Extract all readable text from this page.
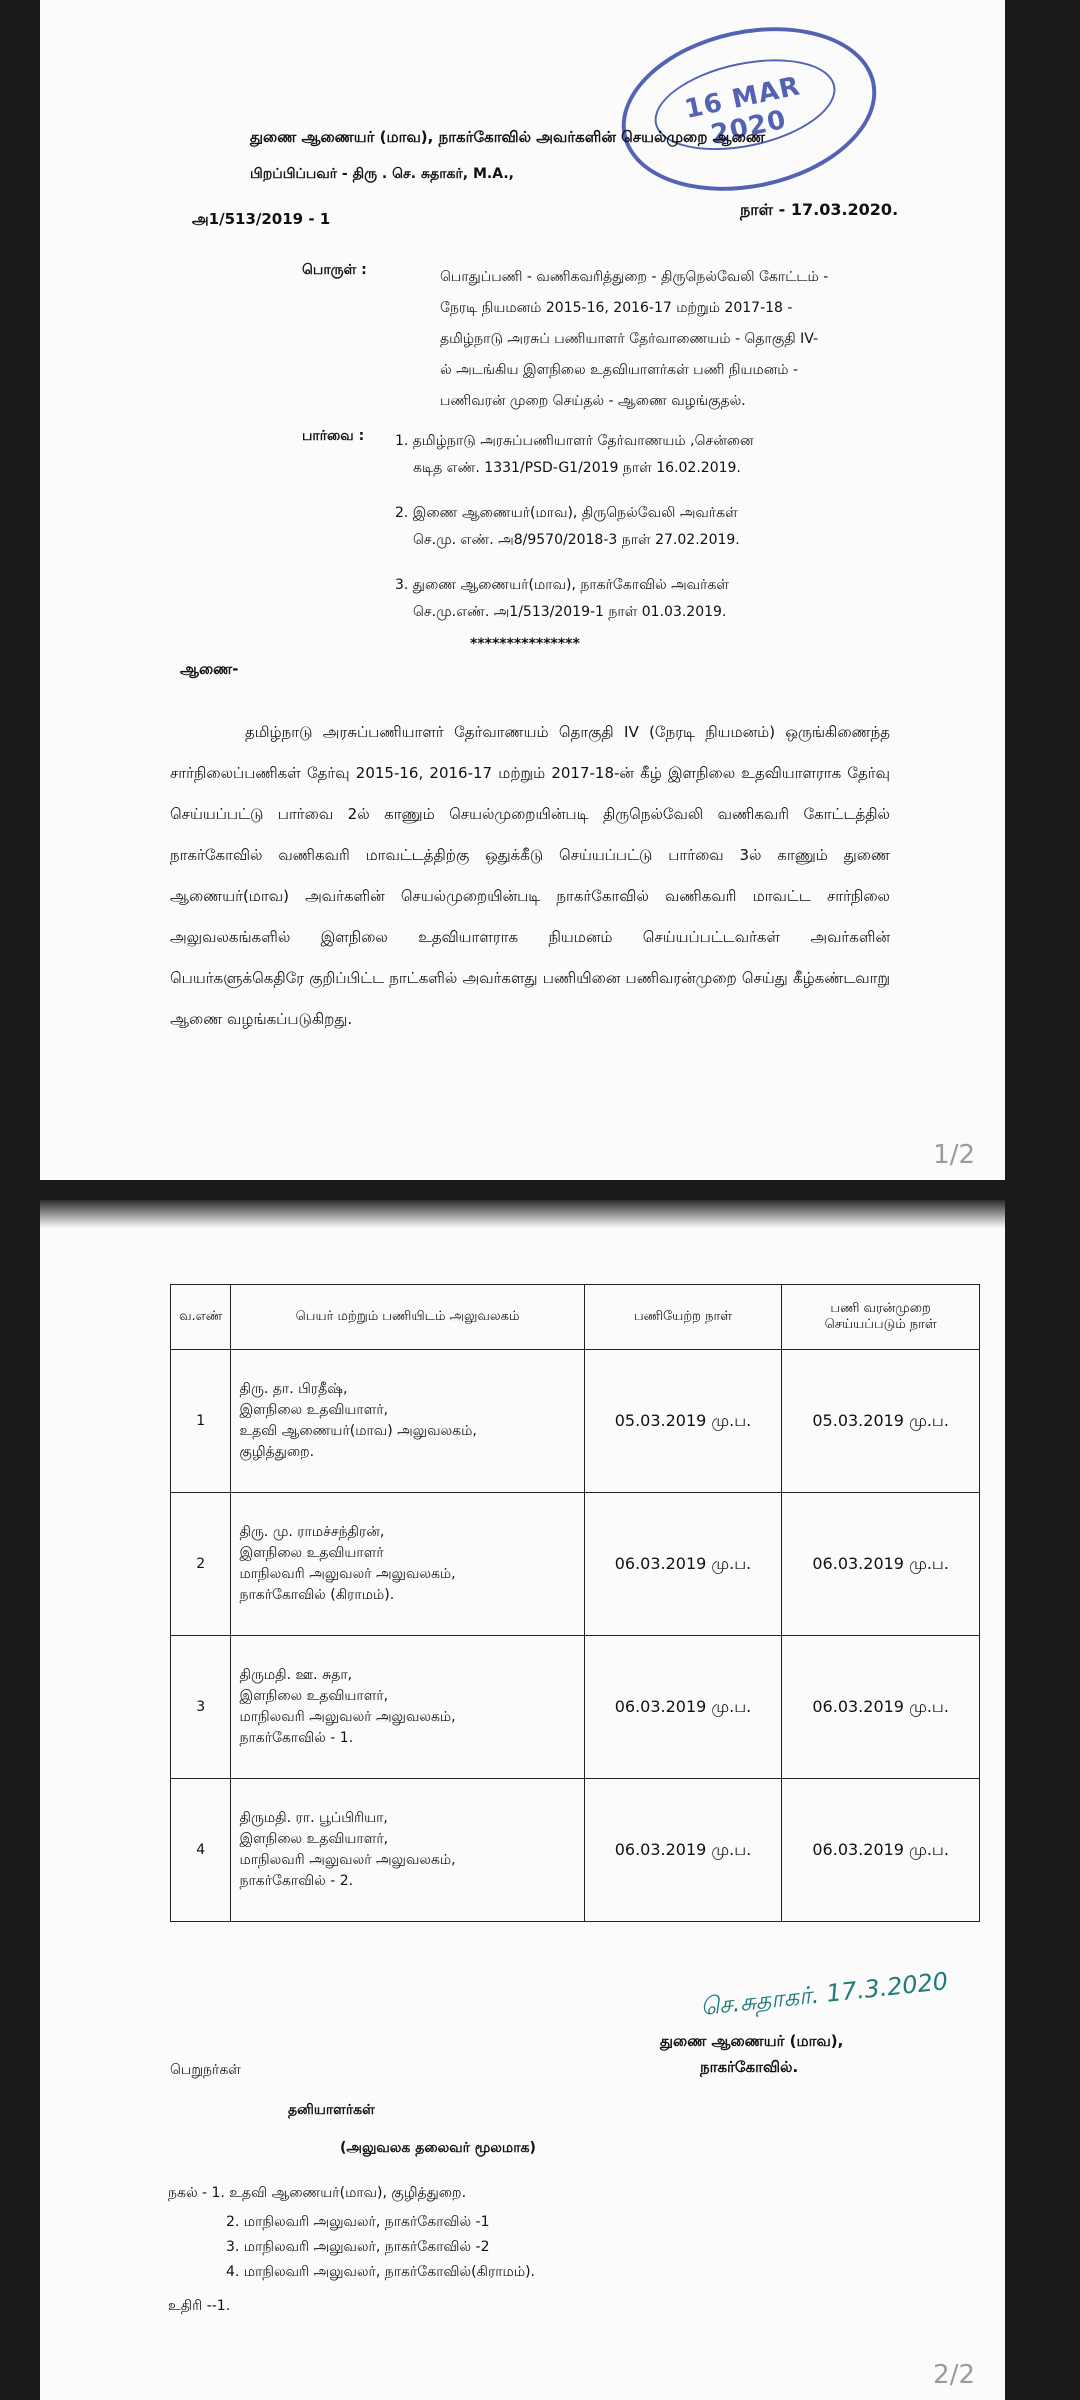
16 MAR 2020
துணை ஆணையர் (மாவ), நாகர்கோவில் அவர்களின் செயல்முறை ஆணை
பிறப்பிப்பவர் - திரு . செ. சுதாகர், M.A.,
அ1/513/2019 - 1	நாள் - 17.03.2020.
பொருள் :	பொதுப்பணி - வணிகவரித்துறை - திருநெல்வேலி கோட்டம் -
நேரடி நியமனம் 2015-16, 2016-17 மற்றும் 2017-18 -
தமிழ்நாடு அரசுப் பணியாளர் தேர்வாணையம் - தொகுதி IV-
ல் அடங்கிய இளநிலை உதவியாளர்கள் பணி நியமனம் -
பணிவரன் முறை செய்தல் - ஆணை வழங்குதல்.
பார்வை : 1. தமிழ்நாடு அரசுப்பணியாளர் தேர்வாணயம் ,சென்னை
கடித எண். 1331/PSD-G1/2019 நாள் 16.02.2019.
2. இணை ஆணையர்(மாவ), திருநெல்வேலி அவர்கள்
செ.மு. எண். அ8/9570/2018-3 நாள் 27.02.2019.
3. துணை ஆணையர்(மாவ), நாகர்கோவில் அவர்கள்
செ.மு.எண். அ1/513/2019-1 நாள் 01.03.2019.
***************
ஆணை-
தமிழ்நாடு அரசுப்பணியாளர் தேர்வாணயம் தொகுதி IV (நேரடி நியமனம்) ஒருங்கிணைந்த சார்நிலைப்பணிகள் தேர்வு 2015-16, 2016-17 மற்றும் 2017-18-ன் கீழ் இளநிலை உதவியாளராக தேர்வு செய்யப்பட்டு பார்வை 2ல் காணும் செயல்முறையின்படி திருநெல்வேலி வணிகவரி கோட்டத்தில் நாகர்கோவில் வணிகவரி மாவட்டத்திற்கு ஒதுக்கீடு செய்யப்பட்டு பார்வை 3ல் காணும் துணை ஆணையர்(மாவ) அவர்களின் செயல்முறையின்படி நாகர்கோவில் வணிகவரி மாவட்ட சார்நிலை அலுவலகங்களில் இளநிலை உதவியாளராக நியமனம் செய்யப்பட்டவர்கள் அவர்களின் பெயர்களுக்கெதிரே குறிப்பிட்ட நாட்களில் அவர்களது பணியினை பணிவரன்முறை செய்து கீழ்கண்டவாறு ஆணை வழங்கப்படுகிறது.
1/2
வ.எண்	பெயர் மற்றும் பணியிடம் அலுவலகம்	பணியேற்ற நாள்	பணி வரன்முறை செய்யப்படும் நாள்
1	திரு. தா. பிரதீஷ்,
இளநிலை உதவியாளர்,
உதவி ஆணையர்(மாவ) அலுவலகம்,
குழித்துறை.	05.03.2019 மு.ப.	05.03.2019 மு.ப.
2	திரு. மு. ராமச்சந்திரன்,
இளநிலை உதவியாளர்
மாநிலவரி அலுவலர் அலுவலகம்,
நாகர்கோவில் (கிராமம்).	06.03.2019 மு.ப.	06.03.2019 மு.ப.
3	திருமதி. ஊ. சுதா,
இளநிலை உதவியாளர்,
மாநிலவரி அலுவலர் அலுவலகம்,
நாகர்கோவில் - 1.	06.03.2019 மு.ப.	06.03.2019 மு.ப.
4	திருமதி. ரா. பூப்பிரியா,
இளநிலை உதவியாளர்,
மாநிலவரி அலுவலர் அலுவலகம்,
நாகர்கோவில் - 2.	06.03.2019 மு.ப.	06.03.2019 மு.ப.
செ.சுதாகர். 17.3.2020
துணை ஆணையர் (மாவ),
நாகர்கோவில்.
பெறுநர்கள்
தனியாளர்கள்
(அலுவலக தலைவர் மூலமாக)
நகல் - 1. உதவி ஆணையர்(மாவ), குழித்துறை.
2. மாநிலவரி அலுவலர், நாகர்கோவில் -1
3. மாநிலவரி அலுவலர், நாகர்கோவில் -2
4. மாநிலவரி அலுவலர், நாகர்கோவில்(கிராமம்).
உதிரி --1.
2/2
